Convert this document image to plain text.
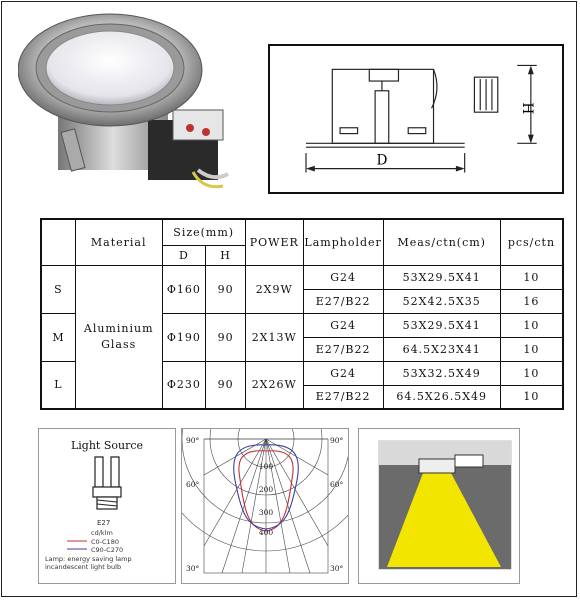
D
H
	Material	Size(mm)		POWER	Lampholder	Meas/ctn(cm)	pcs/ctn
		D	H				
S	Aluminium Glass	Φ160	90	2X9W	G24	53X29.5X41	10
					E27/B22	52X42.5X35	16
M		Φ190	90	2X13W	G24	53X29.5X41	10
					E27/B22	64.5X23X41	10
L		Φ230	90	2X26W	G24	53X32.5X49	10
					E27/B22	64.5X26.5X49	10
Light Source
E27
cd/klm
C0-C180
C90-C270
Lamp: energy saving lamp
incandescent light bulb
90°	90°
60°	60°
30°	30°
100
200
300
400
